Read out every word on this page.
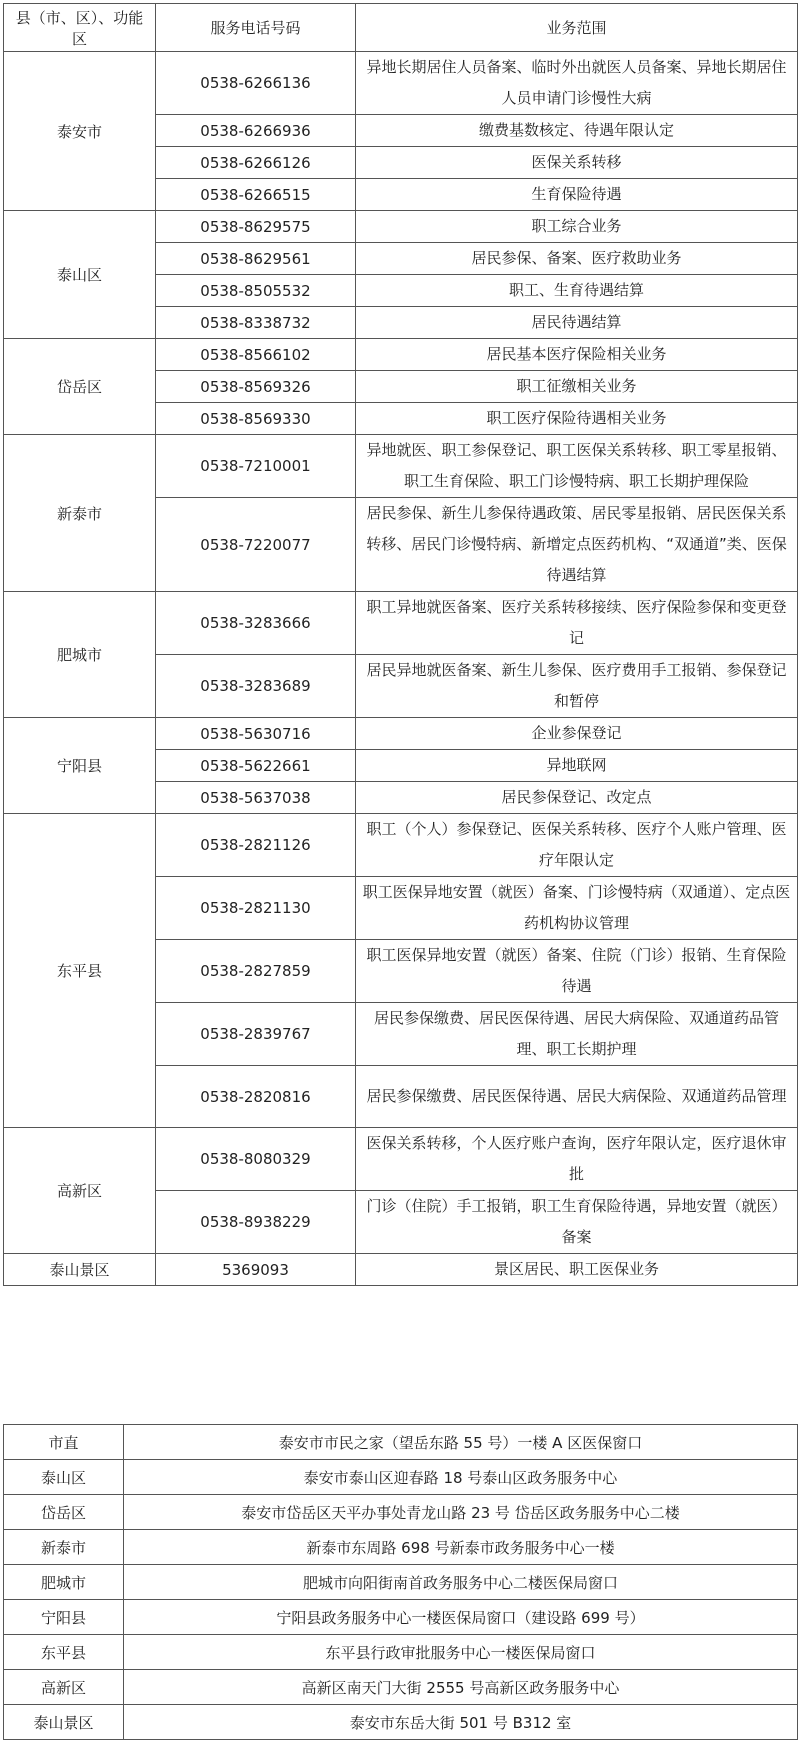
县（市、区）、功能区	服务电话号码	业务范围
泰安市	0538-6266136	异地长期居住人员备案、临时外出就医人员备案、异地长期居住人员申请门诊慢性大病
	0538-6266936	缴费基数核定、待遇年限认定
	0538-6266126	医保关系转移
	0538-6266515	生育保险待遇
泰山区	0538-8629575	职工综合业务
	0538-8629561	居民参保、备案、医疗救助业务
	0538-8505532	职工、生育待遇结算
	0538-8338732	居民待遇结算
岱岳区	0538-8566102	居民基本医疗保险相关业务
	0538-8569326	职工征缴相关业务
	0538-8569330	职工医疗保险待遇相关业务
新泰市	0538-7210001	异地就医、职工参保登记、职工医保关系转移、职工零星报销、职工生育保险、职工门诊慢特病、职工长期护理保险
	0538-7220077	居民参保、新生儿参保待遇政策、居民零星报销、居民医保关系转移、居民门诊慢特病、新增定点医药机构、“双通道”类、医保待遇结算
肥城市	0538-3283666	职工异地就医备案、医疗关系转移接续、医疗保险参保和变更登记
	0538-3283689	居民异地就医备案、新生儿参保、医疗费用手工报销、参保登记和暂停
宁阳县	0538-5630716	企业参保登记
	0538-5622661	异地联网
	0538-5637038	居民参保登记、改定点
东平县	0538-2821126	职工（个人）参保登记、医保关系转移、医疗个人账户管理、医疗年限认定
	0538-2821130	职工医保异地安置（就医）备案、门诊慢特病（双通道）、定点医药机构协议管理
	0538-2827859	职工医保异地安置（就医）备案、住院（门诊）报销、生育保险待遇
	0538-2839767	居民参保缴费、居民医保待遇、居民大病保险、双通道药品管理、职工长期护理
	0538-2820816	居民参保缴费、居民医保待遇、居民大病保险、双通道药品管理
高新区	0538-8080329	医保关系转移，个人医疗账户查询，医疗年限认定，医疗退休审批
	0538-8938229	门诊（住院）手工报销，职工生育保险待遇，异地安置（就医）备案
泰山景区	5369093	景区居民、职工医保业务
市直	泰安市市民之家（望岳东路 55 号）一楼 A 区医保窗口
泰山区	泰安市泰山区迎春路 18 号泰山区政务服务中心
岱岳区	泰安市岱岳区天平办事处青龙山路 23 号 岱岳区政务服务中心二楼
新泰市	新泰市东周路 698 号新泰市政务服务中心一楼
肥城市	肥城市向阳街南首政务服务中心二楼医保局窗口
宁阳县	宁阳县政务服务中心一楼医保局窗口（建设路 699 号）
东平县	东平县行政审批服务中心一楼医保局窗口
高新区	高新区南天门大街 2555 号高新区政务服务中心
泰山景区	泰安市东岳大街 501 号 B312 室
